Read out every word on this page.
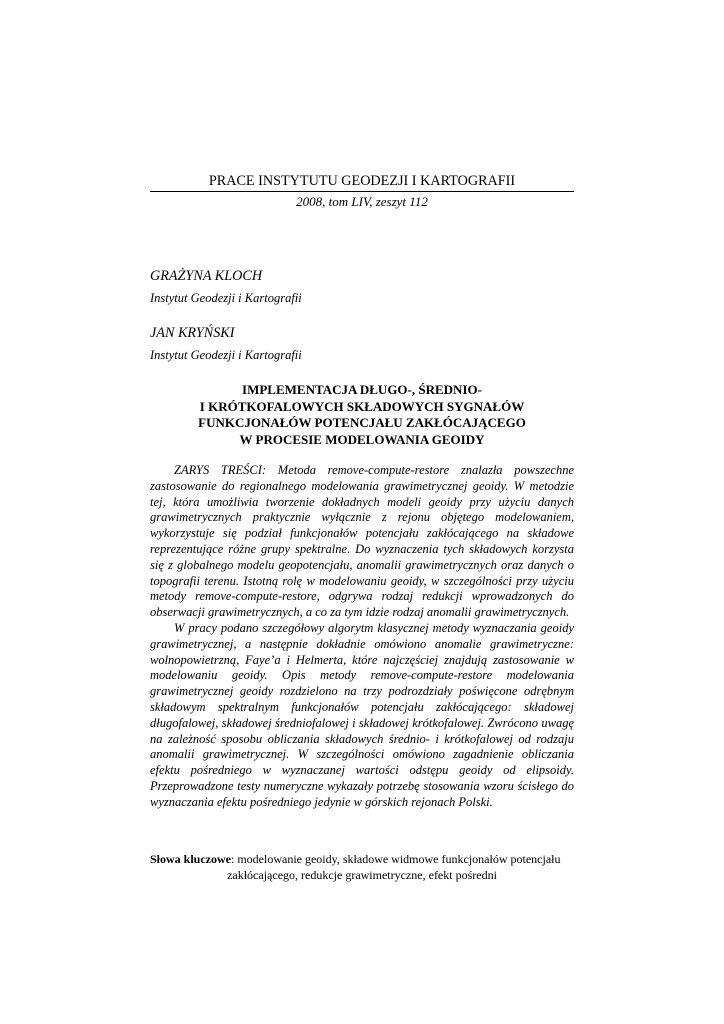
PRACE INSTYTUTU GEODEZJI I KARTOGRAFII
2008, tom LIV, zeszyt 112
GRAŻYNA KLOCH
Instytut Geodezji i Kartografii
JAN KRYŃSKI
Instytut Geodezji i Kartografii
IMPLEMENTACJA DŁUGO-, ŚREDNIO-
I KRÓTKOFALOWYCH SKŁADOWYCH SYGNAŁÓW
FUNKCJONAŁÓW POTENCJAŁU ZAKŁÓCAJĄCEGO
W PROCESIE MODELOWANIA GEOIDY

ZARYS TREŚCI: Metoda remove-compute-restore znalazła powszechne zastosowanie do regionalnego modelowania grawimetrycznej geoidy. W metodzie tej, która umożliwia tworzenie dokładnych modeli geoidy przy użyciu danych grawimetrycznych praktycznie wyłącznie z rejonu objętego modelowaniem, wykorzystuje się podział funkcjonałów potencjału zakłócającego na składowe reprezentujące różne grupy spektralne. Do wyznaczenia tych składowych korzysta się z globalnego modelu geopotencjału, anomalii grawimetrycznych oraz danych o topografii terenu. Istotną rolę w modelowaniu geoidy, w szczególności przy użyciu metody remove-compute-restore, odgrywa rodzaj redukcji wprowadzonych do obserwacji grawimetrycznych, a co za tym idzie rodzaj anomalii grawimetrycznych.

W pracy podano szczegółowy algorytm klasycznej metody wyznaczania geoidy grawimetrycznej, a następnie dokładnie omówiono anomalie grawimetryczne: wolnopowietrzną, Faye’a i Helmerta, które najczęściej znajdują zastosowanie w modelowaniu geoidy. Opis metody remove-compute-restore modelowania grawimetrycznej geoidy rozdzielono na trzy podrozdziały poświęcone odrębnym składowym spektralnym funkcjonałów potencjału zakłócającego: składowej długofalowej, składowej średniofalowej i składowej krótkofalowej. Zwrócono uwagę na zależność sposobu obliczania składowych średnio- i krótkofalowej od rodzaju anomalii grawimetrycznej. W szczególności omówiono zagadnienie obliczania efektu pośredniego w wyznaczanej wartości odstępu geoidy od elipsoidy. Przeprowadzone testy numeryczne wykazały potrzebę stosowania wzoru ścisłego do wyznaczania efektu pośredniego jedynie w górskich rejonach Polski.

Słowa kluczowe: modelowanie geoidy, składowe widmowe funkcjonałów potencjału
zakłócającego, redukcje grawimetryczne, efekt pośredni
